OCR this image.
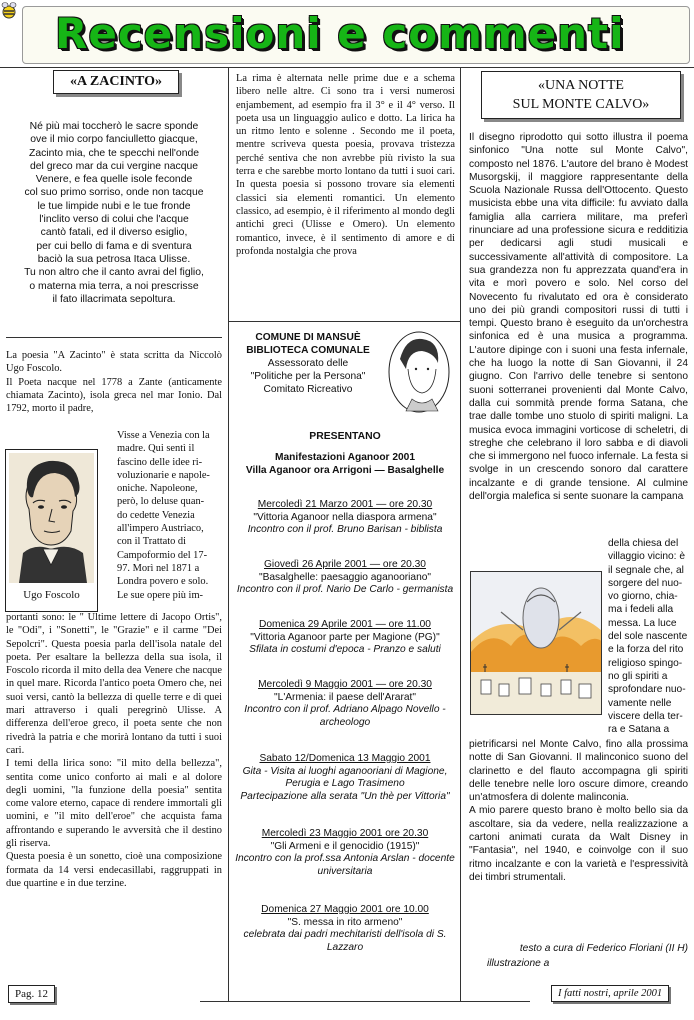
Recensioni e commenti
«A ZACINTO»
Né più mai toccherò le sacre sponde
ove il mio corpo fanciulletto giacque,
Zacinto mia, che te specchi nell'onde
del greco mar da cui vergine nacque
Venere, e fea quelle isole feconde
col suo primo sorriso, onde non tacque
le tue limpide nubi e le tue fronde
l'inclito verso di colui che l'acque
cantò fatali, ed il diverso esiglio,
per cui bello di fama e di sventura
baciò la sua petrosa Itaca Ulisse.
Tu non altro che il canto avrai del figlio,
o materna mia terra, a noi prescrisse
il fato illacrimata sepoltura.

La poesia "A Zacinto" è stata scritta da Niccolò Ugo Foscolo.

Il Poeta nacque nel 1778 a Zante (anticamente chiamata Zacinto), isola greca nel mar Ionio. Dal 1792, morto il padre,

Ugo Foscolo

Visse a Venezia con la

madre. Qui sentì il

fascino delle idee ri-

voluzionarie e napole-

oniche. Napoleone,

però, lo deluse quan-

do cedette Venezia

all'impero Austriaco,

con il Trattato di

Campoformio del 17-

97. Morì nel 1871 a

Londra povero e solo.

Le sue opere più im-

portanti sono: le " Ultime lettere di Jacopo Ortis", le "Odi", i "Sonetti", le "Grazie" e il carme "Dei Sepolcri". Questa poesia parla dell'isola natale del poeta. Per esaltare la bellezza della sua isola, il Foscolo ricorda il mito della dea Venere che nacque in quel mare. Ricorda l'antico poeta Omero che, nei suoi versi, cantò la bellezza di quelle terre e di quei mari attraverso i quali peregrinò Ulisse. A differenza dell'eroe greco, il poeta sente che non rivedrà la patria e che morirà lontano da tutti i suoi cari.

I temi della lirica sono: "il mito della bellezza", sentita come unico conforto ai mali e al dolore degli uomini, "la funzione della poesia" sentita come valore eterno, capace di rendere immortali gli uomini, e "il mito dell'eroe" che acquista fama affrontando e superando le avversità che il destino gli riserva.

Questa poesia è un sonetto, cioè una composizione formata da 14 versi endecasillabi, raggruppati in due quartine e in due terzine.

La rima è alternata nelle prime due e a schema libero nelle altre. Ci sono tra i versi numerosi enjambement, ad esempio fra il 3° e il 4° verso. Il poeta usa un linguaggio aulico e dotto. La lirica ha un ritmo lento e solenne . Secondo me il poeta, mentre scriveva questa poesia, provava tristezza perché sentiva che non avrebbe più rivisto la sua terra e che sarebbe morto lontano da tutti i suoi cari. In questa poesia si possono trovare sia elementi classici sia elementi romantici. Un elemento classico, ad esempio, è il riferimento al mondo degli antichi greci (Ulisse e Omero). Un elemento romantico, invece, è il sentimento di amore e di profonda nostalgia che prova

COMUNE DI MANSUÈ
BIBLIOTECA COMUNALE
Assessorato delle
"Politiche per la Persona"
Comitato Ricreativo
PRESENTANO
Manifestazioni Aganoor 2001
Villa Aganoor ora Arrigoni — Basalghelle
Mercoledì 21 Marzo 2001 — ore 20.30
"Vittoria Aganoor nella diaspora armena"
Incontro con il prof. Bruno Barisan - biblista
Giovedì 26 Aprile 2001 — ore 20.30
"Basalghelle: paesaggio aganooriano"
Incontro con il prof. Nario De Carlo - germanista
Domenica 29 Aprile 2001 — ore 11.00
"Vittoria Aganoor parte per Magione (PG)"
Sfilata in costumi d'epoca - Pranzo e saluti
Mercoledì 9 Maggio 2001 — ore 20.30
"L'Armenia: il paese dell'Ararat"
Incontro con il prof. Adriano Alpago Novello - archeologo
Sabato 12/Domenica 13 Maggio 2001
Gita - Visita ai luoghi aganooriani di Magione, Perugia e Lago Trasimeno
Partecipazione alla serata "Un thè per Vittoria"
Mercoledì 23 Maggio 2001 ore 20.30
"Gli Armeni e il genocidio (1915)"
Incontro con la prof.ssa Antonia Arslan - docente universitaria
Domenica 27 Maggio 2001 ore 10.00
"S. messa in rito armeno"
celebrata dai padri mechitaristi dell'isola di S. Lazzaro
«UNA NOTTE
SUL MONTE CALVO»

Il disegno riprodotto qui sotto illustra il poema sinfonico "Una notte sul Monte Calvo", composto nel 1876. L'autore del brano è Modest Musorgskij, il maggiore rappresentante della Scuola Nazionale Russa dell'Ottocento. Questo musicista ebbe una vita difficile: fu avviato dalla famiglia alla carriera militare, ma preferì rinunciare ad una professione sicura e redditizia per dedicarsi agli studi musicali e successivamente all'attività di compositore. La sua grandezza non fu apprezzata quand'era in vita e morì povero e solo. Nel corso del Novecento fu rivalutato ed ora è considerato uno dei più grandi compositori russi di tutti i tempi. Questo brano è eseguito da un'orchestra sinfonica ed è una musica a programma. L'autore dipinge con i suoni una festa infernale, che ha luogo la notte di San Giovanni, il 24 giugno. Con l'arrivo delle tenebre si sentono suoni sotterranei provenienti dal Monte Calvo, dalla cui sommità prende forma Satana, che trae dalle tombe uno stuolo di spiriti maligni. La musica evoca immagini vorticose di scheletri, di streghe che celebrano il loro sabba e di diavoli che si immergono nel fuoco infernale. La festa si svolge in un crescendo sonoro dal carattere incalzante e di grande tensione. Al culmine dell'orgia malefica si sente suonare la campana

della chiesa del

villaggio vicino: è

il segnale che, al

sorgere del nuo-

vo giorno, chia-

ma i fedeli alla

messa. La luce

del sole nascente

e la forza del rito

religioso spingo-

no gli spiriti a

sprofondare nuo-

vamente nelle

viscere della ter-

ra e Satana a

pietrificarsi nel Monte Calvo, fino alla prossima notte di San Giovanni. Il malinconico suono del clarinetto e del flauto accompagna gli spiriti delle tenebre nelle loro oscure dimore, creando un'atmosfera di dolente malinconia.

A mio parere questo brano è molto bello sia da ascoltare, sia da vedere, nella realizzazione a cartoni animati curata da Walt Disney in "Fantasia", nel 1940, e coinvolge con il suo ritmo incalzante e con la varietà e l'espressività dei timbri strumentali.

testo a cura di Federico Floriani (II H)
illustrazione a
Pag. 12	I fatti nostri, aprile 2001
